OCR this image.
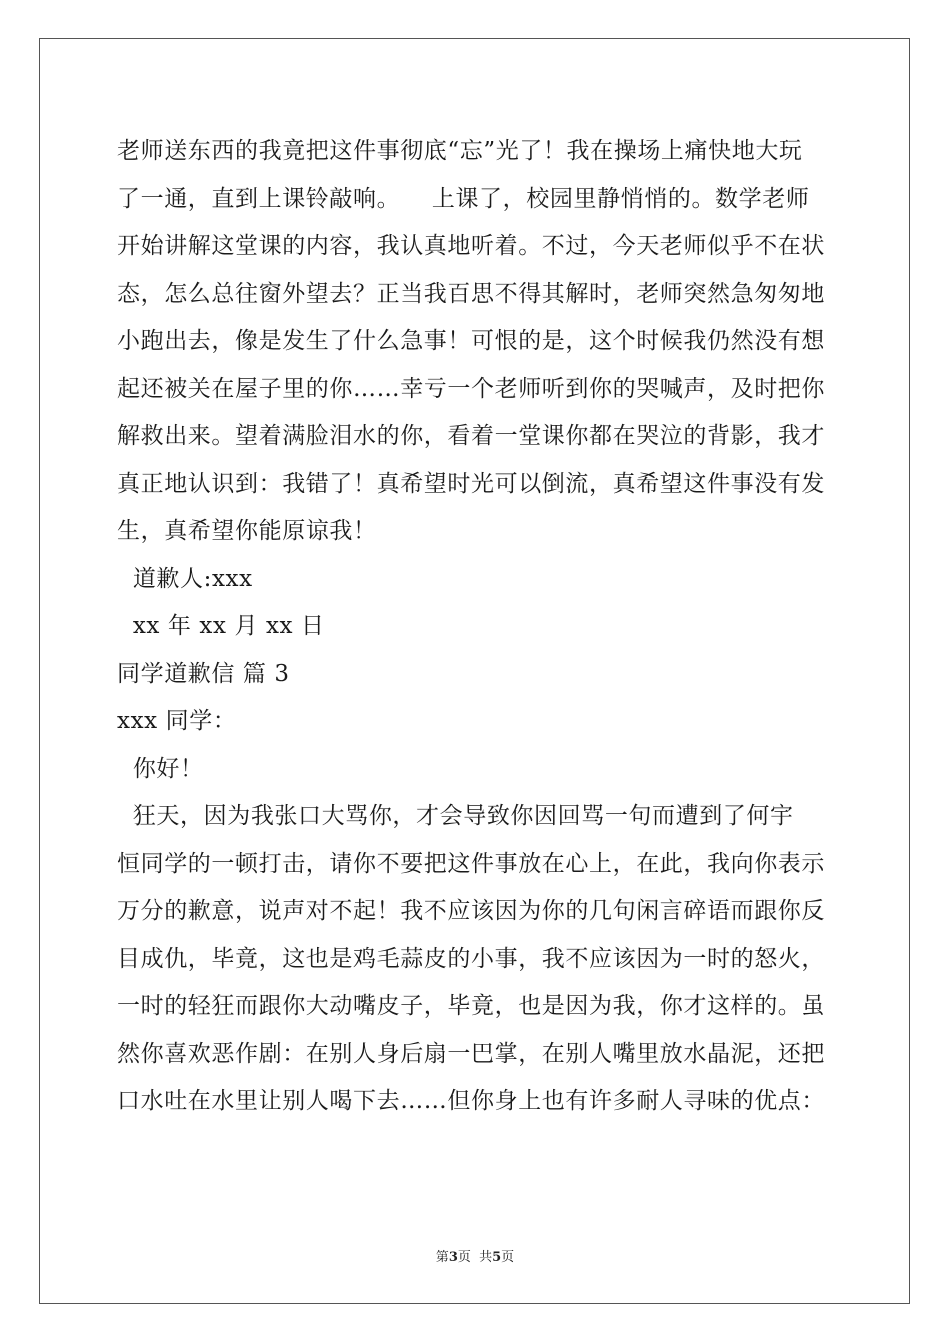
老师送东西的我竟把这件事彻底“忘”光了！我在操场上痛快地大玩
了一通，直到上课铃敲响。    上课了，校园里静悄悄的。数学老师
开始讲解这堂课的内容，我认真地听着。不过，今天老师似乎不在状
态，怎么总往窗外望去？正当我百思不得其解时，老师突然急匆匆地
小跑出去，像是发生了什么急事！可恨的是，这个时候我仍然没有想
起还被关在屋子里的你……幸亏一个老师听到你的哭喊声，及时把你
解救出来。望着满脸泪水的你，看着一堂课你都在哭泣的背影，我才
真正地认识到：我错了！真希望时光可以倒流，真希望这件事没有发
生，真希望你能原谅我！
道歉人:xxx
xx 年 xx 月 xx 日
同学道歉信 篇 3
xxx 同学：
你好！
狂天，因为我张口大骂你，才会导致你因回骂一句而遭到了何宇
恒同学的一顿打击，请你不要把这件事放在心上，在此，我向你表示
万分的歉意，说声对不起！我不应该因为你的几句闲言碎语而跟你反
目成仇，毕竟，这也是鸡毛蒜皮的小事，我不应该因为一时的怒火，
一时的轻狂而跟你大动嘴皮子，毕竟，也是因为我，你才这样的。虽
然你喜欢恶作剧：在别人身后扇一巴掌，在别人嘴里放水晶泥，还把
口水吐在水里让别人喝下去……但你身上也有许多耐人寻味的优点：
第3页  共5页
